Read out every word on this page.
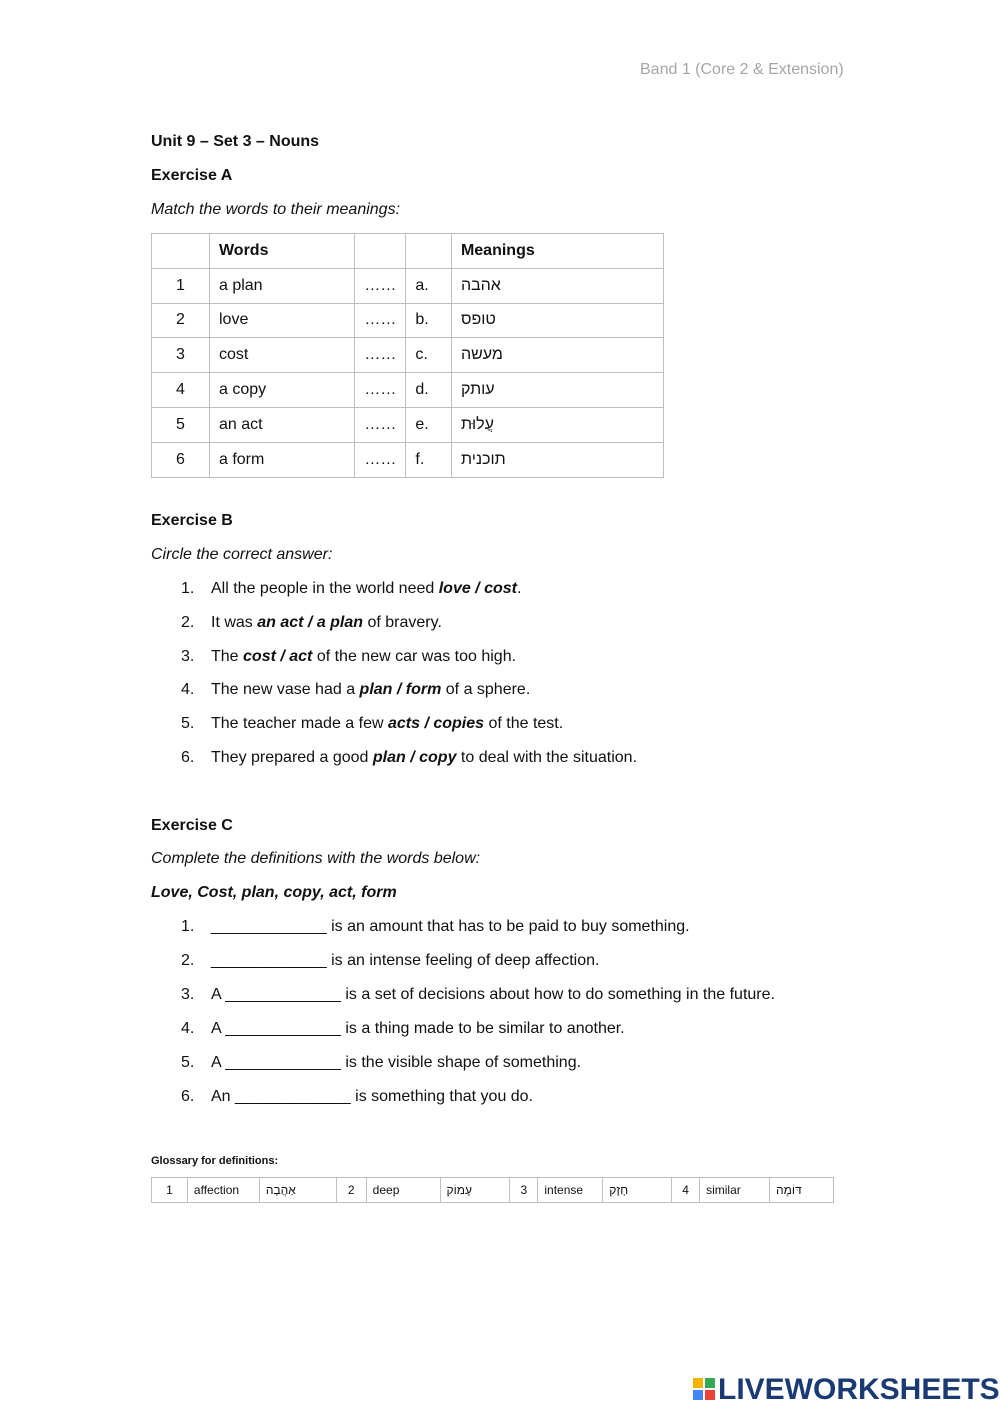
Band 1 (Core 2 & Extension)
Unit 9 – Set 3 – Nouns
Exercise A
Match the words to their meanings:
	Words			Meanings
1	a plan	……	a.	אהבה
2	love	……	b.	טופס
3	cost	……	c.	מעשה
4	a copy	……	d.	עותק
5	an act	……	e.	עֲלוּת
6	a form	……	f.	תוכנית
Exercise B
Circle the correct answer:
1. All the people in the world need love / cost.
2. It was an act / a plan of bravery.
3. The cost / act of the new car was too high.
4. The new vase had a plan / form of a sphere.
5. The teacher made a few acts / copies of the test.
6. They prepared a good plan / copy to deal with the situation.
Exercise C
Complete the definitions with the words below:
Love, Cost, plan, copy, act, form
1. _____________ is an amount that has to be paid to buy something.
2. _____________ is an intense feeling of deep affection.
3. A _____________ is a set of decisions about how to do something in the future.
4. A _____________ is a thing made to be similar to another.
5. A _____________ is the visible shape of something.
6. An _____________ is something that you do.
Glossary for definitions:
1	affection	אַהֲבָה	2	deep	עָמוֹק	3	intense	חָזָק	4	similar	דּוֹמֶה
LIVEWORKSHEETS
